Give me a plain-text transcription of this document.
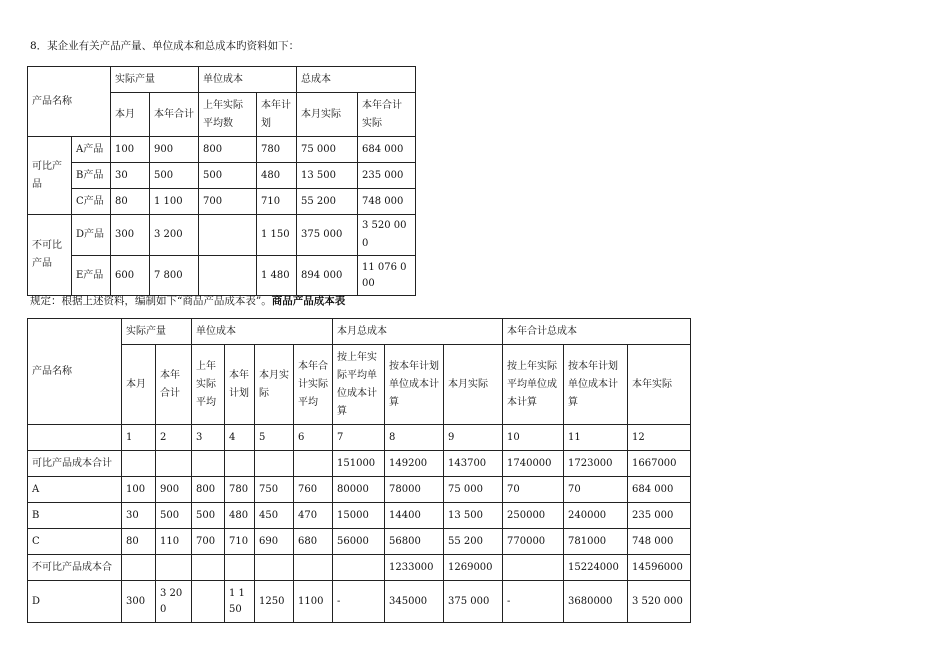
8．某企业有关产品产量、单位成本和总成本旳资料如下：
产品名称		实际产量		单位成本		总成本	
		本月	本年合计	上年实际平均数	本年计划	本月实际	本年合计实际
可比产品	A产品	100	900	800	780	75 000	684 000
	B产品	30	500	500	480	13 500	235 000
	C产品	80	1 100	700	710	55 200	748 000
不可比产品	D产品	300	3 200		1 150	375 000	3 520 000
	E产品	600	7 800		1 480	894 000	11 076 000
规定：根据上述资料，编制如下“商品产品成本表”。商品产品成本表
产品名称	实际产量		单位成本				本月总成本			本年合计总成本		
	本月	本年合计	上年实际平均	本年计划	本月实际	本年合计实际平均	按上年实际平均单位成本计算	按本年计划单位成本计算	本月实际	按上年实际平均单位成本计算	按本年计划单位成本计算	本年实际
	1	2	3	4	5	6	7	8	9	10	11	12
可比产品成本合计							151000	149200	143700	1740000	1723000	1667000
A	100	900	800	780	750	760	80000	78000	75 000	70	70	684 000
B	30	500	500	480	450	470	15000	14400	13 500	250000	240000	235 000
C	80	110	700	710	690	680	56000	56800	55 200	770000	781000	748 000
不可比产品成本合								1233000	1269000		15224000	14596000
D	300	3 200		1 150	1250	1100	-	345000	375 000	-	3680000	3 520 000
